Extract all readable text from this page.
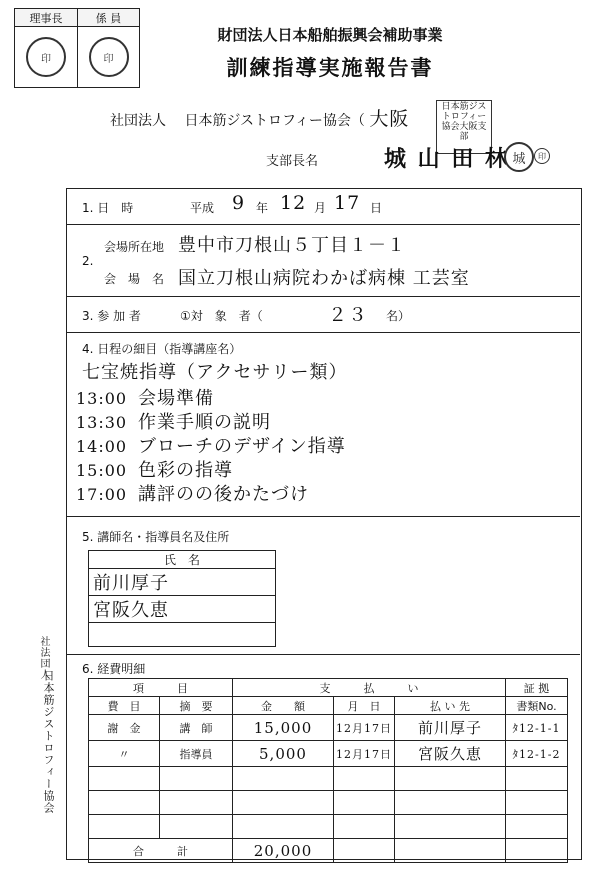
理事長	係 員

印	印
財団法人日本船舶振興会補助事業
訓練指導実施報告書
社団法人 日本筋ジストロフィー協会（ 大阪
日本筋ジストロフィー協会大阪支部
支部長名	城 山 田 林 城	印
1. 日　時	平成 9 年 12 月 17 日
2.
会場所在地 豊中市刀根山５丁目１－１
会　場　名 国立刀根山病院わかば病棟 工芸室
3. 参 加 者	①対　象　者（	２３ 名）
4. 日程の細目（指導講座名）
七宝焼指導（アクセサリー類）
13:00 会場準備
13:30 作業手順の説明
14:00 ブローチのデザイン指導
15:00 色彩の指導
17:00 講評のの後かたづけ
5. 講師名・指導員名及住所
氏　名
前川厚子
宮阪久恵

6. 経費明細
項　　　目		支　　　払　　　い			証 拠
費　目	摘　要	金　　額	月　日	払 い 先	書類No.
謝　金	講　師	15,000	12月17日	前川厚子	ﾀ12-1-1
〃	指導員	5,000	12月17日	宮阪久恵	ﾀ12-1-2

合　　　計		20,000			
社法団人
日本筋ジストロフィー協会
